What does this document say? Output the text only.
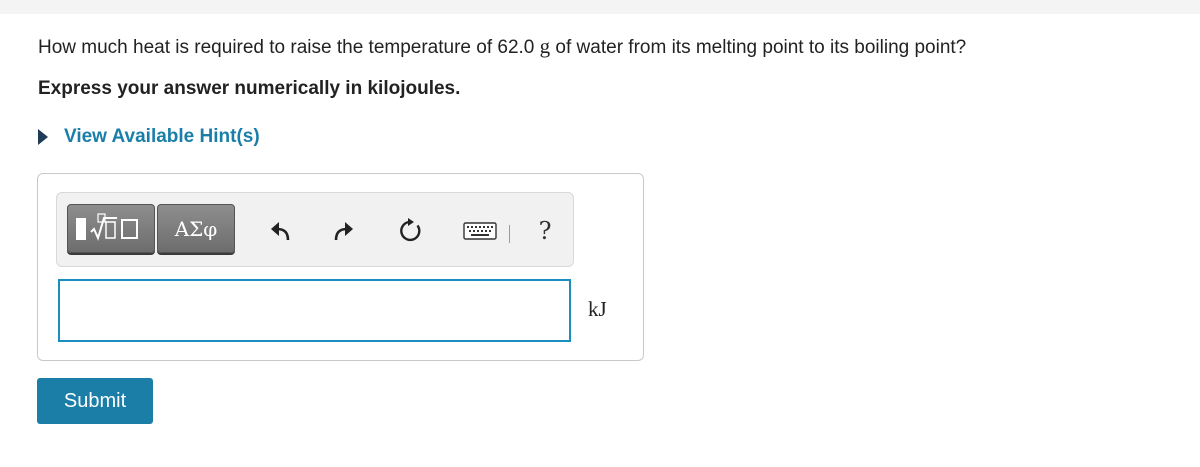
How much heat is required to raise the temperature of 62.0 g of water from its melting point to its boiling point?
Express your answer numerically in kilojoules.
View Available Hint(s)
ΑΣφ	?
kJ
Submit
